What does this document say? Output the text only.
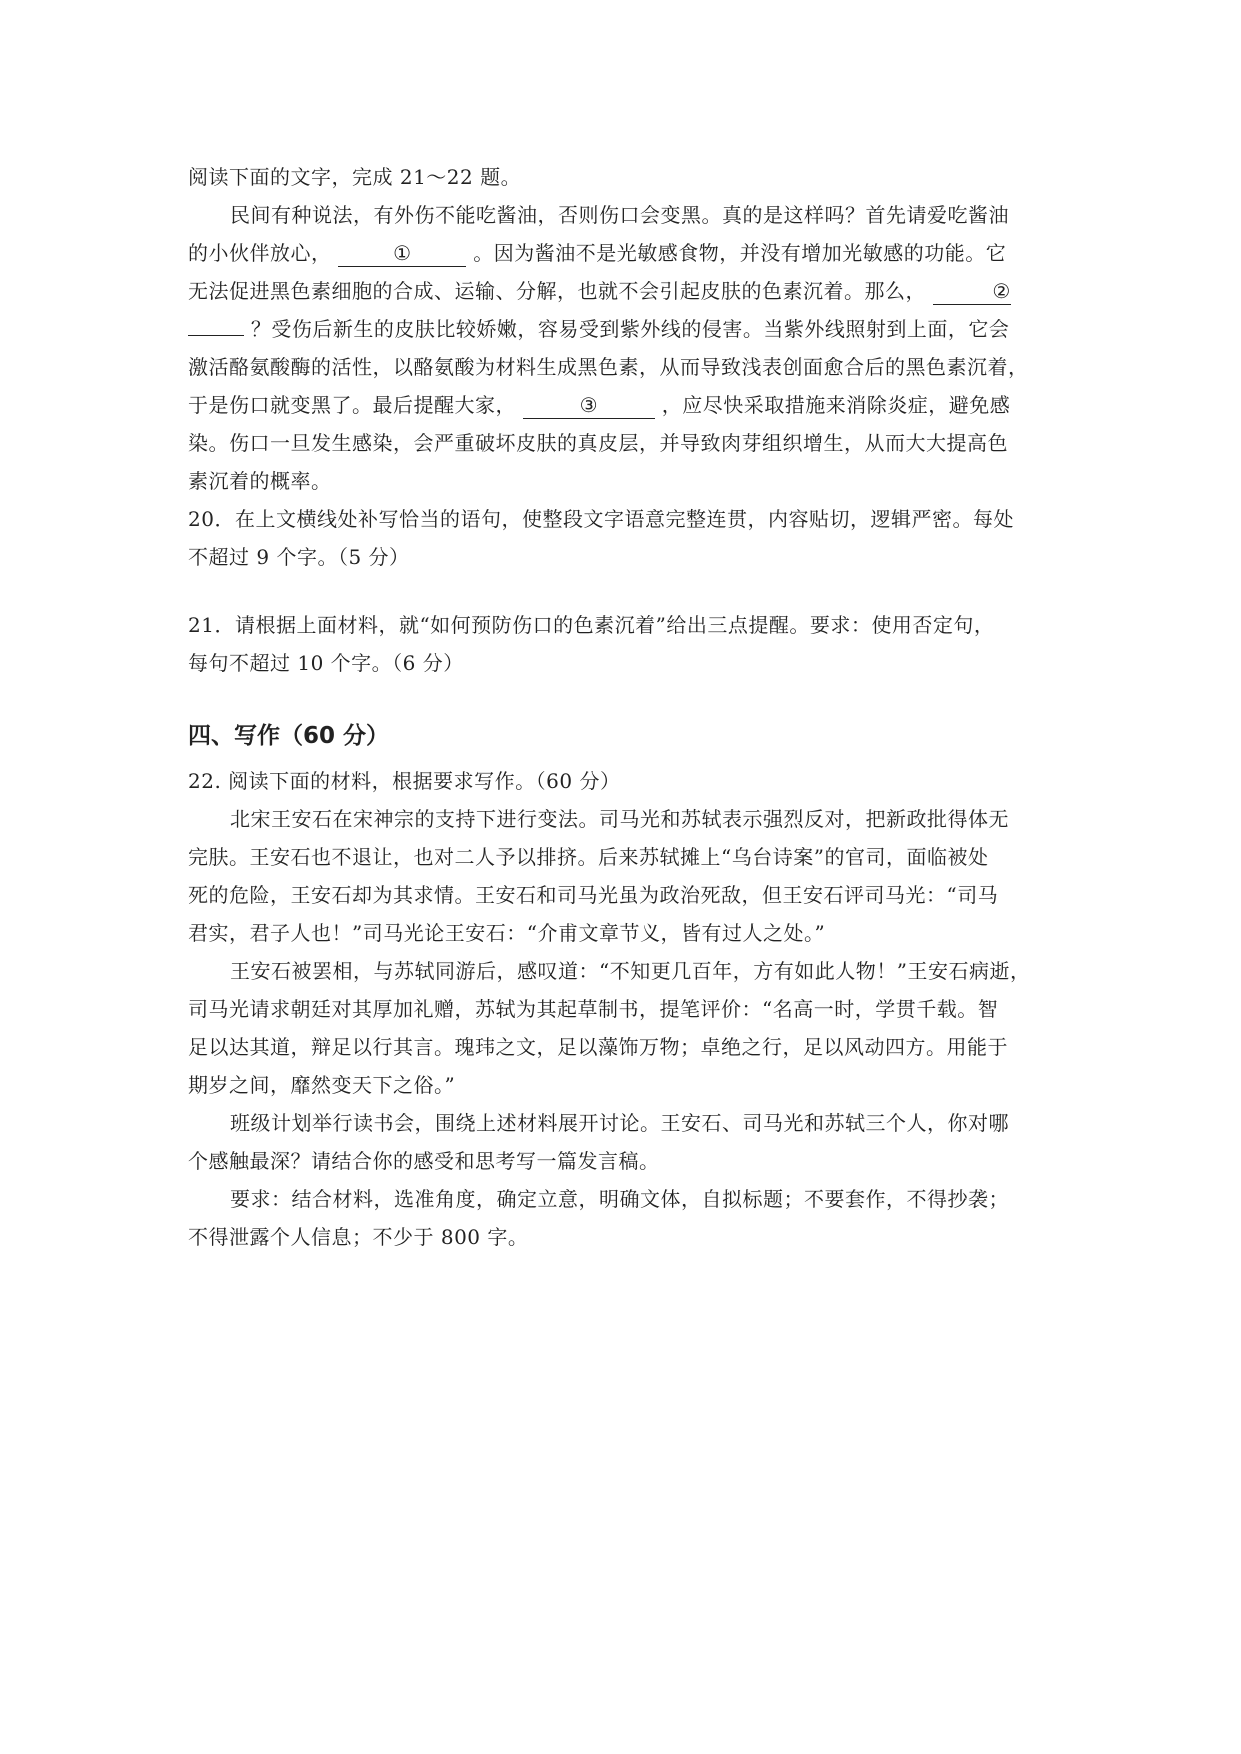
阅读下面的文字，完成 21～22 题。
民间有种说法，有外伤不能吃酱油，否则伤口会变黑。真的是这样吗？首先请爱吃酱油
的小伙伴放心，	①	。因为酱油不是光敏感食物，并没有增加光敏感的功能。它
无法促进黑色素细胞的合成、运输、分解，也就不会引起皮肤的色素沉着。那么，	②
？受伤后新生的皮肤比较娇嫩，容易受到紫外线的侵害。当紫外线照射到上面，它会
激活酪氨酸酶的活性，以酪氨酸为材料生成黑色素，从而导致浅表创面愈合后的黑色素沉着，
于是伤口就变黑了。最后提醒大家，	③	，应尽快采取措施来消除炎症，避免感
染。伤口一旦发生感染，会严重破坏皮肤的真皮层，并导致肉芽组织增生，从而大大提高色
素沉着的概率。
20．在上文横线处补写恰当的语句，使整段文字语意完整连贯，内容贴切，逻辑严密。每处
不超过 9 个字。（5 分）
21．请根据上面材料，就“如何预防伤口的色素沉着”给出三点提醒。要求：使用否定句，
每句不超过 10 个字。（6 分）
四、写作（60 分）
22. 阅读下面的材料，根据要求写作。（60 分）
北宋王安石在宋神宗的支持下进行变法。司马光和苏轼表示强烈反对，把新政批得体无
完肤。王安石也不退让，也对二人予以排挤。后来苏轼摊上“乌台诗案”的官司，面临被处
死的危险，王安石却为其求情。王安石和司马光虽为政治死敌，但王安石评司马光：“司马
君实，君子人也！”司马光论王安石：“介甫文章节义，皆有过人之处。”
王安石被罢相，与苏轼同游后，感叹道：“不知更几百年，方有如此人物！”王安石病逝，
司马光请求朝廷对其厚加礼赠，苏轼为其起草制书，提笔评价：“名高一时，学贯千载。智
足以达其道，辩足以行其言。瑰玮之文，足以藻饰万物；卓绝之行，足以风动四方。用能于
期岁之间，靡然变天下之俗。”
班级计划举行读书会，围绕上述材料展开讨论。王安石、司马光和苏轼三个人，你对哪
个感触最深？请结合你的感受和思考写一篇发言稿。
要求：结合材料，选准角度，确定立意，明确文体，自拟标题；不要套作，不得抄袭；
不得泄露个人信息；不少于 800 字。
